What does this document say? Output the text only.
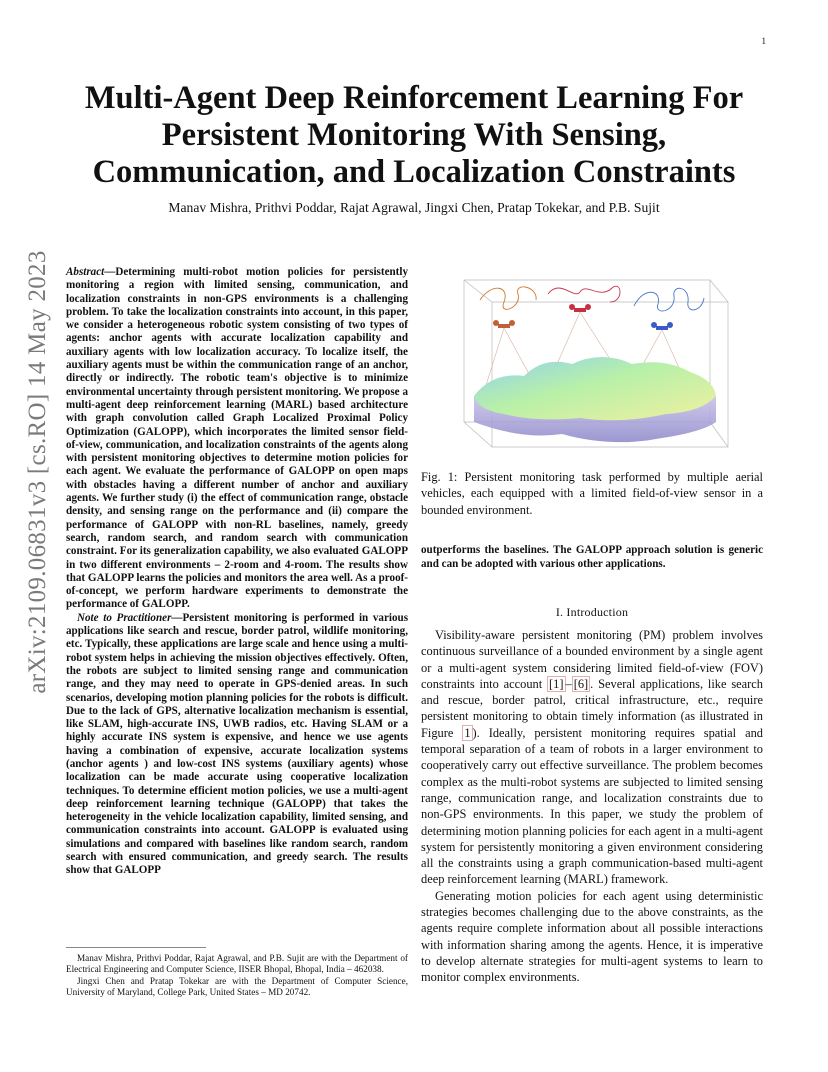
1
arXiv:2109.06831v3 [cs.RO] 14 May 2023
Multi-Agent Deep Reinforcement Learning For Persistent Monitoring With Sensing, Communication, and Localization Constraints
Manav Mishra, Prithvi Poddar, Rajat Agrawal, Jingxi Chen, Pratap Tokekar, and P.B. Sujit

Abstract—Determining multi-robot motion policies for persistently monitoring a region with limited sensing, communication, and localization constraints in non-GPS environments is a challenging problem. To take the localization constraints into account, in this paper, we consider a heterogeneous robotic system consisting of two types of agents: anchor agents with accurate localization capability and auxiliary agents with low localization accuracy. To localize itself, the auxiliary agents must be within the communication range of an anchor, directly or indirectly. The robotic team's objective is to minimize environmental uncertainty through persistent monitoring. We propose a multi-agent deep reinforcement learning (MARL) based architecture with graph convolution called Graph Localized Proximal Policy Optimization (GALOPP), which incorporates the limited sensor field-of-view, communication, and localization constraints of the agents along with persistent monitoring objectives to determine motion policies for each agent. We evaluate the performance of GALOPP on open maps with obstacles having a different number of anchor and auxiliary agents. We further study (i) the effect of communication range, obstacle density, and sensing range on the performance and (ii) compare the performance of GALOPP with non-RL baselines, namely, greedy search, random search, and random search with communication constraint. For its generalization capability, we also evaluated GALOPP in two different environments – 2-room and 4-room. The results show that GALOPP learns the policies and monitors the area well. As a proof-of-concept, we perform hardware experiments to demonstrate the performance of GALOPP.

Note to Practitioner—Persistent monitoring is performed in various applications like search and rescue, border patrol, wildlife monitoring, etc. Typically, these applications are large scale and hence using a multi-robot system helps in achieving the mission objectives effectively. Often, the robots are subject to limited sensing range and communication range, and they may need to operate in GPS-denied areas. In such scenarios, developing motion planning policies for the robots is difficult. Due to the lack of GPS, alternative localization mechanism is essential, like SLAM, high-accurate INS, UWB radios, etc. Having SLAM or a highly accurate INS system is expensive, and hence we use agents having a combination of expensive, accurate localization systems (anchor agents ) and low-cost INS systems (auxiliary agents) whose localization can be made accurate using cooperative localization techniques. To determine efficient motion policies, we use a multi-agent deep reinforcement learning technique (GALOPP) that takes the heterogeneity in the vehicle localization capability, limited sensing, and communication constraints into account. GALOPP is evaluated using simulations and compared with baselines like random search, random search with ensured communication, and greedy search. The results show that GALOPP

Manav Mishra, Prithvi Poddar, Rajat Agrawal, and P.B. Sujit are with the Department of Electrical Engineering and Computer Science, IISER Bhopal, Bhopal, India – 462038.

Jingxi Chen and Pratap Tokekar are with the Department of Computer Science, University of Maryland, College Park, United States – MD 20742.

Fig. 1: Persistent monitoring task performed by multiple aerial vehicles, each equipped with a limited field-of-view sensor in a bounded environment.
outperforms the baselines. The GALOPP approach solution is generic and can be adopted with various other applications.
I. Introduction

Visibility-aware persistent monitoring (PM) problem involves continuous surveillance of a bounded environment by a single agent or a multi-agent system considering limited field-of-view (FOV) constraints into account [1] – [6] . Several applications, like search and rescue, border patrol, critical infrastructure, etc., require persistent monitoring to obtain timely information (as illustrated in Figure 1 ). Ideally, persistent monitoring requires spatial and temporal separation of a team of robots in a larger environment to cooperatively carry out effective surveillance. The problem becomes complex as the multi-robot systems are subjected to limited sensing range, communication range, and localization constraints due to non-GPS environments. In this paper, we study the problem of determining motion planning policies for each agent in a multi-agent system for persistently monitoring a given environment considering all the constraints using a graph communication-based multi-agent deep reinforcement learning (MARL) framework.

Generating motion policies for each agent using deterministic strategies becomes challenging due to the above constraints, as the agents require complete information about all possible interactions with information sharing among the agents. Hence, it is imperative to develop alternate strategies for multi-agent systems to learn to monitor complex environments.
